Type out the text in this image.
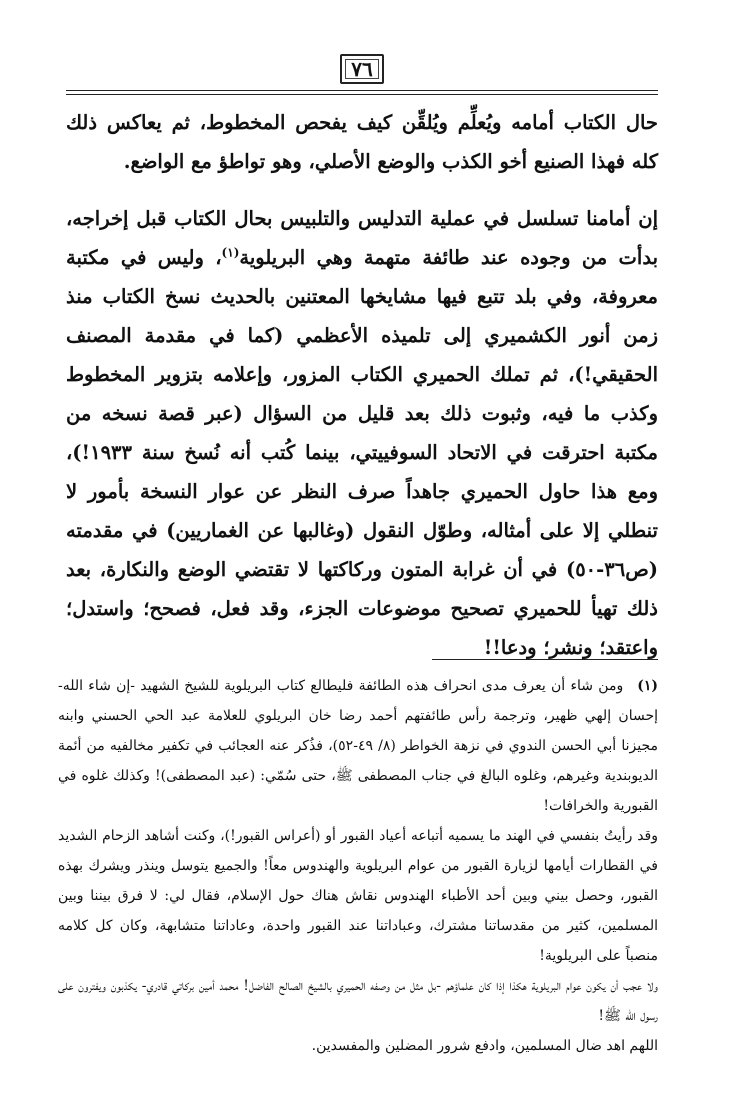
٧٦

حال الكتاب أمامه ويُعلِّم ويُلقِّن كيف يفحص المخطوط، ثم يعاكس ذلك كله فهذا الصنيع أخو الكذب والوضع الأصلي، وهو تواطؤ مع الواضع.

إن أمامنا تسلسل في عملية التدليس والتلبيس بحال الكتاب قبل إخراجه، بدأت من وجوده عند طائفة متهمة وهي البريلوية$^{(١)}$، وليس في مكتبة معروفة، وفي بلد تتبع فيها مشايخها المعتنين بالحديث نسخ الكتاب منذ زمن أنور الكشميري إلى تلميذه الأعظمي (كما في مقدمة المصنف الحقيقي!)، ثم تملك الحميري الكتاب المزور، وإعلامه بتزوير المخطوط وكذب ما فيه، وثبوت ذلك بعد قليل من السؤال (عبر قصة نسخه من مكتبة احترقت في الاتحاد السوفييتي، بينما كُتب أنه نُسخ سنة ١٩٣٣!)، ومع هذا حاول الحميري جاهداً صرف النظر عن عوار النسخة بأمور لا تنطلي إلا على أمثاله، وطوّل النقول (وغالبها عن الغماريين) في مقدمته (ص٣٦-٥٠) في أن غرابة المتون وركاكتها لا تقتضي الوضع والنكارة، بعد ذلك تهيأ للحميري تصحيح موضوعات الجزء، وقد فعل، فصحح؛ واستدل؛ واعتقد؛ ونشر؛ ودعا!!

(١)ومن شاء أن يعرف مدى انحراف هذه الطائفة فليطالع كتاب البريلوية للشيخ الشهيد -إن شاء الله- إحسان إلهي ظهير، وترجمة رأس طائفتهم أحمد رضا خان البريلوي للعلامة عبد الحي الحسني وابنه مجيزنا أبي الحسن الندوي في نزهة الخواطر (٨/ ٤٩-٥٢)، فذُكر عنه العجائب في تكفير مخالفيه من أئمة الديوبندية وغيرهم، وغلوه البالغ في جناب المصطفى ﷺ، حتى سُمّي: (عبد المصطفى)! وكذلك غلوه في القبورية والخرافات!

وقد رأيتُ بنفسي في الهند ما يسميه أتباعه أعياد القبور أو (أعراس القبور!)، وكنت أشاهد الزحام الشديد في القطارات أيامها لزيارة القبور من عوام البريلوية والهندوس معاً! والجميع يتوسل وينذر ويشرك بهذه القبور، وحصل بيني وبين أحد الأطباء الهندوس نقاش هناك حول الإسلام، فقال لي: لا فرق بيننا وبين المسلمين، كثير من مقدساتنا مشترك، وعباداتنا عند القبور واحدة، وعاداتنا متشابهة، وكان كل كلامه منصباً على البريلوية!

ولا عجب أن يكون عوام البريلوية هكذا إذا كان علماؤهم -بل مثل من وصفه الحميري بالشيخ الصالح الفاضل! محمد أمين بركاتي قادري- يكذبون ويفترون على رسول الله ﷺ!

اللهم اهد ضال المسلمين، وادفع شرور المضلين والمفسدين.
